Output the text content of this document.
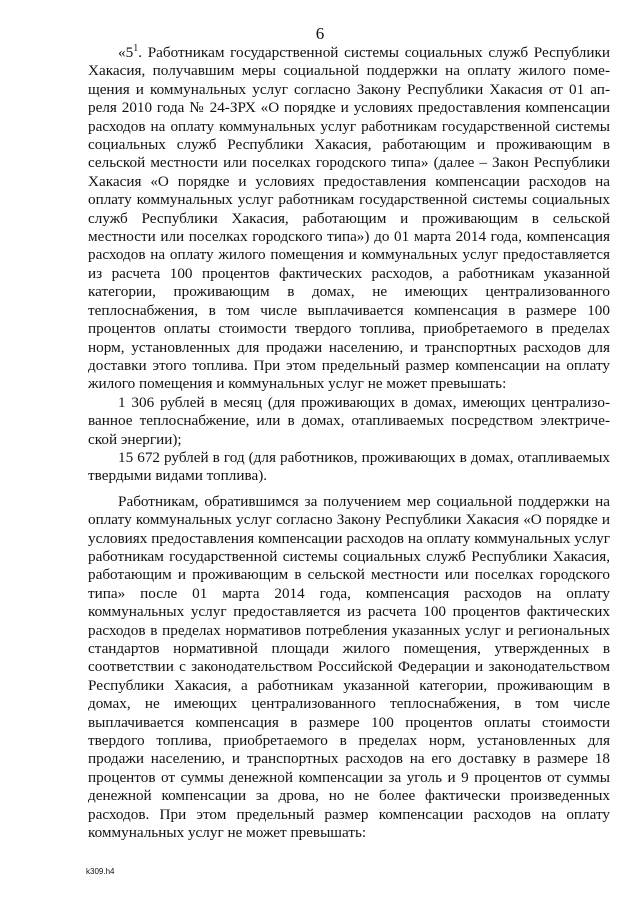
6

«$5^1$. Работникам государственной системы социальных служб Республики Хакасия, получавшим меры социальной поддержки на оплату жилого помещения и коммунальных услуг согласно Закону Республики Хакасия от 01 апреля 2010 года № 24-ЗРХ «О порядке и условиях предоставления компенсации расходов на оплату коммунальных услуг работникам государственной системы социальных служб Республики Хакасия, работающим и проживающим в сельской местности или поселках городского типа» (далее – Закон Республики Хакасия «О порядке и условиях предоставления компенсации расходов на оплату коммунальных услуг работникам государственной системы социальных служб Республики Хакасия, работающим и проживающим в сельской местности или поселках городского типа») до 01 марта 2014 года, компенсация расходов на оплату жилого помещения и коммунальных услуг предоставляется из расчета 100 процентов фактических расходов, а работникам указанной категории, проживающим в домах, не имеющих централизованного теплоснабжения, в том числе выплачивается компенсация в размере 100 процентов оплаты стоимости твердого топлива, приобретаемого в пределах норм, установленных для продажи населению, и транспортных расходов для доставки этого топлива. При этом предельный размер компенсации на оплату жилого помещения и коммунальных услуг не может превышать:

1 306 рублей в месяц (для проживающих в домах, имеющих централизованное теплоснабжение, или в домах, отапливаемых посредством электрической энергии);

15 672 рублей в год (для работников, проживающих в домах, отапливаемых твердыми видами топлива).

Работникам, обратившимся за получением мер социальной поддержки на оплату коммунальных услуг согласно Закону Республики Хакасия «О порядке и условиях предоставления компенсации расходов на оплату коммунальных услуг работникам государственной системы социальных служб Республики Хакасия, работающим и проживающим в сельской местности или поселках городского типа» после 01 марта 2014 года, компенсация расходов на оплату коммунальных услуг предоставляется из расчета 100 процентов фактических расходов в пределах нормативов потребления указанных услуг и региональных стандартов нормативной площади жилого помещения, утвержденных в соответствии с законодательством Российской Федерации и законодательством Республики Хакасия, а работникам указанной категории, проживающим в домах, не имеющих централизованного теплоснабжения, в том числе выплачивается компенсация в размере 100 процентов оплаты стоимости твердого топлива, приобретаемого в пределах норм, установленных для продажи населению, и транспортных расходов на его доставку в размере 18 процентов от суммы денежной компенсации за уголь и 9 процентов от суммы денежной компенсации за дрова, но не более фактически произведенных расходов. При этом предельный размер компенсации расходов на оплату коммунальных услуг не может превышать:

k309.h4
